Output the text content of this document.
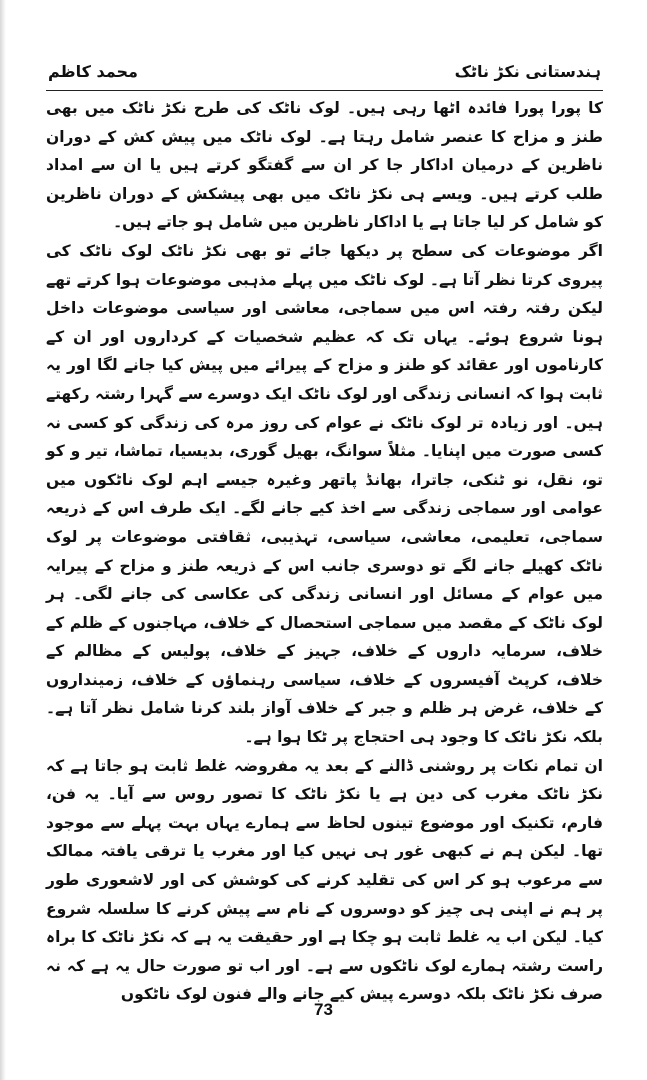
ہندستانی نکڑ ناٹک
محمد کاظم

کا پورا پورا فائدہ اٹھا رہی ہیں۔ لوک ناٹک کی طرح نکڑ ناٹک میں بھی طنز و مزاح کا عنصر شامل رہتا ہے۔ لوک ناٹک میں پیش کش کے دوران ناظرین کے درمیان اداکار جا کر ان سے گفتگو کرتے ہیں یا ان سے امداد طلب کرتے ہیں۔ ویسے ہی نکڑ ناٹک میں بھی پیشکش کے دوران ناظرین کو شامل کر لیا جاتا ہے یا اداکار ناظرین میں شامل ہو جاتے ہیں۔

اگر موضوعات کی سطح پر دیکھا جائے تو بھی نکڑ ناٹک لوک ناٹک کی پیروی کرتا نظر آتا ہے۔ لوک ناٹک میں پہلے مذہبی موضوعات ہوا کرتے تھے لیکن رفتہ رفتہ اس میں سماجی، معاشی اور سیاسی موضوعات داخل ہونا شروع ہوئے۔ یہاں تک کہ عظیم شخصیات کے کرداروں اور ان کے کارناموں اور عقائد کو طنز و مزاح کے پیرائے میں پیش کیا جانے لگا اور یہ ثابت ہوا کہ انسانی زندگی اور لوک ناٹک ایک دوسرے سے گہرا رشتہ رکھتے ہیں۔ اور زیادہ تر لوک ناٹک نے عوام کی روز مرہ کی زندگی کو کسی نہ کسی صورت میں اپنایا۔ مثلاً سوانگ، بھیل گوری، بدیسیا، تماشا، تیر و کو تو، نقل، نو ٹنکی، جاترا، بھانڈ پاتھر وغیرہ جیسے اہم لوک ناٹکوں میں عوامی اور سماجی زندگی سے اخذ کیے جانے لگے۔ ایک طرف اس کے ذریعہ سماجی، تعلیمی، معاشی، سیاسی، تہذیبی، ثقافتی موضوعات پر لوک ناٹک کھیلے جانے لگے تو دوسری جانب اس کے ذریعہ طنز و مزاح کے پیرایہ میں عوام کے مسائل اور انسانی زندگی کی عکاسی کی جانے لگی۔ ہر لوک ناٹک کے مقصد میں سماجی استحصال کے خلاف، مہاجنوں کے ظلم کے خلاف، سرمایہ داروں کے خلاف، جہیز کے خلاف، پولیس کے مظالم کے خلاف، کرپٹ آفیسروں کے خلاف، سیاسی رہنماؤں کے خلاف، زمینداروں کے خلاف، غرض ہر ظلم و جبر کے خلاف آواز بلند کرنا شامل نظر آتا ہے۔ بلکہ نکڑ ناٹک کا وجود ہی احتجاج پر ٹکا ہوا ہے۔

ان تمام نکات پر روشنی ڈالنے کے بعد یہ مفروضہ غلط ثابت ہو جاتا ہے کہ نکڑ ناٹک مغرب کی دین ہے یا نکڑ ناٹک کا تصور روس سے آیا۔ یہ فن، فارم، تکنیک اور موضوع تینوں لحاظ سے ہمارے یہاں بہت پہلے سے موجود تھا۔ لیکن ہم نے کبھی غور ہی نہیں کیا اور مغرب یا ترقی یافتہ ممالک سے مرعوب ہو کر اس کی تقلید کرنے کی کوشش کی اور لاشعوری طور پر ہم نے اپنی ہی چیز کو دوسروں کے نام سے پیش کرنے کا سلسلہ شروع کیا۔ لیکن اب یہ غلط ثابت ہو چکا ہے اور حقیقت یہ ہے کہ نکڑ ناٹک کا براہ راست رشتہ ہمارے لوک ناٹکوں سے ہے۔ اور اب تو صورت حال یہ ہے کہ نہ صرف نکڑ ناٹک بلکہ دوسرے پیش کیے جانے والے فنون لوک ناٹکوں

73
